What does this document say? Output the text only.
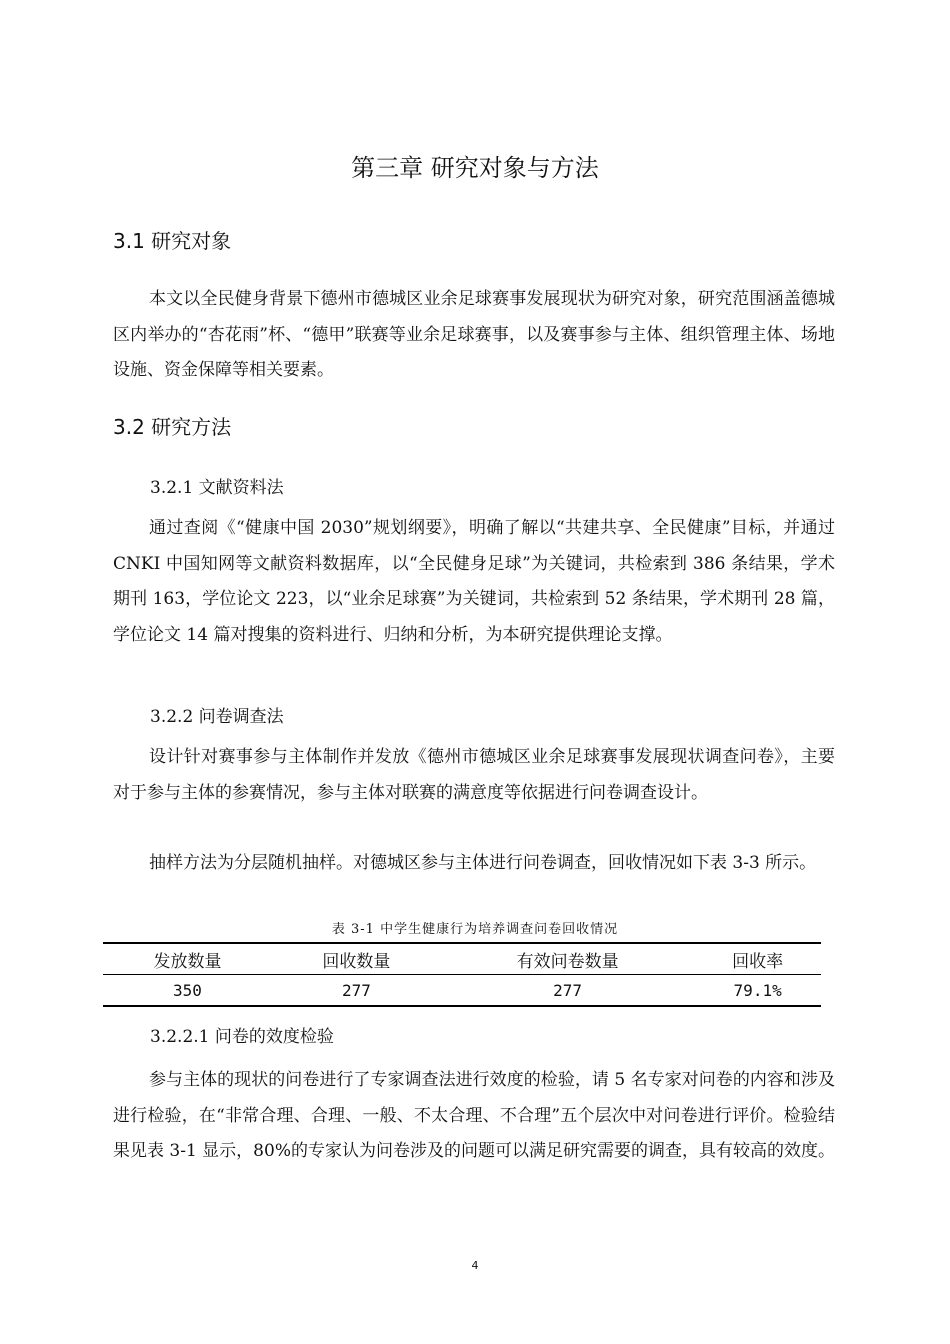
第三章 研究对象与方法
3.1 研究对象
本文以全民健身背景下德州市德城区业余足球赛事发展现状为研究对象，研究范围涵盖德城区内举办的“杏花雨”杯、“德甲”联赛等业余足球赛事，以及赛事参与主体、组织管理主体、场地设施、资金保障等相关要素。
3.2 研究方法
3.2.1 文献资料法
通过查阅《“健康中国 2030”规划纲要》，明确了解以“共建共享、全民健康”目标，并通过 CNKI 中国知网等文献资料数据库，以“全民健身足球”为关键词，共检索到 386 条结果，学术期刊 163，学位论文 223，以“业余足球赛”为关键词，共检索到 52 条结果，学术期刊 28 篇，学位论文 14 篇对搜集的资料进行、归纳和分析，为本研究提供理论支撑。
3.2.2 问卷调查法
设计针对赛事参与主体制作并发放《德州市德城区业余足球赛事发展现状调查问卷》，主要对于参与主体的参赛情况，参与主体对联赛的满意度等依据进行问卷调查设计。
抽样方法为分层随机抽样。对德城区参与主体进行问卷调查，回收情况如下表 3-3 所示。
表 3-1 中学生健康行为培养调查问卷回收情况
发放数量	回收数量	有效问卷数量	回收率
350	277	277	79.1%
3.2.2.1 问卷的效度检验
参与主体的现状的问卷进行了专家调查法进行效度的检验，请 5 名专家对问卷的内容和涉及进行检验，在“非常合理、合理、一般、不太合理、不合理”五个层次中对问卷进行评价。检验结果见表 3-1 显示，80%的专家认为问卷涉及的问题可以满足研究需要的调查，具有较高的效度。
4
